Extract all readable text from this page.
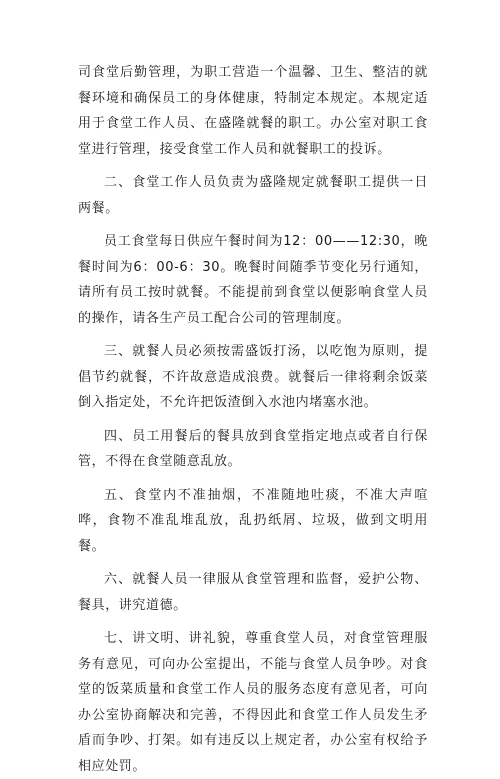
司食堂后勤管理，为职工营造一个温馨、卫生、整洁的就餐环境和确保员工的身体健康，特制定本规定。本规定适用于食堂工作人员、在盛隆就餐的职工。办公室对职工食堂进行管理，接受食堂工作人员和就餐职工的投诉。

二、食堂工作人员负责为盛隆规定就餐职工提供一日两餐。

员工食堂每日供应午餐时间为12：00——12:30，晚餐时间为6：00-6：30。晚餐时间随季节变化另行通知，请所有员工按时就餐。不能提前到食堂以便影响食堂人员的操作，请各生产员工配合公司的管理制度。

三、就餐人员必须按需盛饭打汤，以吃饱为原则，提倡节约就餐，不许故意造成浪费。就餐后一律将剩余饭菜倒入指定处，不允许把饭渣倒入水池内堵塞水池。

四、员工用餐后的餐具放到食堂指定地点或者自行保管，不得在食堂随意乱放。

五、食堂内不准抽烟，不准随地吐痰，不准大声喧哗，食物不准乱堆乱放，乱扔纸屑、垃圾，做到文明用餐。

六、就餐人员一律服从食堂管理和监督，爱护公物、餐具，讲究道德。

七、讲文明、讲礼貌，尊重食堂人员，对食堂管理服务有意见，可向办公室提出，不能与食堂人员争吵。对食堂的饭菜质量和食堂工作人员的服务态度有意见者，可向办公室协商解决和完善，不得因此和食堂工作人员发生矛盾而争吵、打架。如有违反以上规定者，办公室有权给予相应处罚。
